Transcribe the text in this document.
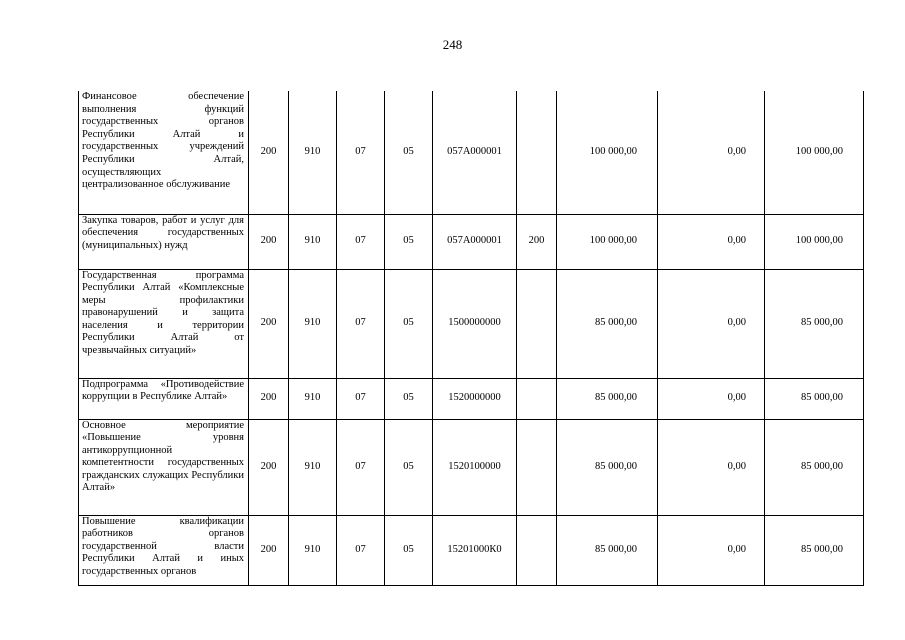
248
Финансовое обеспечение выполнения функций государственных органов Республики Алтай и государственных учреждений Республики Алтай, осуществляющих централизованное обслуживание	200	910	07	05	057А000001		100 000,00	0,00	100 000,00
Закупка товаров, работ и услуг для обеспечения государственных (муниципальных) нужд	200	910	07	05	057А000001	200	100 000,00	0,00	100 000,00
Государственная программа Республики Алтай «Комплексные меры профилактики правонарушений и защита населения и территории Республики Алтай от чрезвычайных ситуаций»	200	910	07	05	1500000000		85 000,00	0,00	85 000,00
Подпрограмма «Противодействие коррупции в Республике Алтай»	200	910	07	05	1520000000		85 000,00	0,00	85 000,00
Основное мероприятие «Повышение уровня антикоррупционной компетентности государственных гражданских служащих Республики Алтай»	200	910	07	05	1520100000		85 000,00	0,00	85 000,00
Повышение квалификации работников органов государственной власти Республики Алтай и иных государственных органов	200	910	07	05	15201000К0		85 000,00	0,00	85 000,00
